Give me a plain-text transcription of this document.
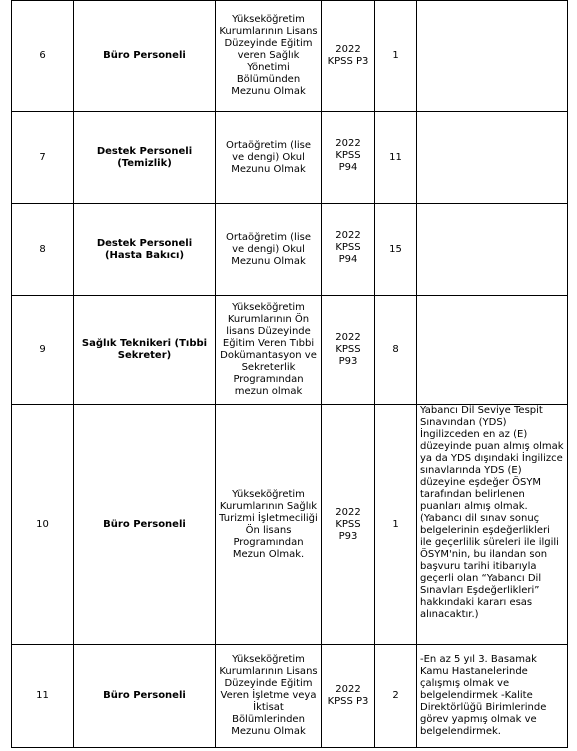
6	Büro Personeli	Yükseköğretim Kurumlarının Lisans Düzeyinde Eğitim veren Sağlık Yönetimi Bölümünden Mezunu Olmak	2022 KPSS P3	1	
7	Destek Personeli (Temizlik)	Ortaöğretim (lise ve dengi) Okul Mezunu Olmak	2022 KPSS P94	11	
8	Destek Personeli (Hasta Bakıcı)	Ortaöğretim (lise ve dengi) Okul Mezunu Olmak	2022 KPSS P94	15	
9	Sağlık Teknikeri (Tıbbi Sekreter)	Yükseköğretim Kurumlarının Ön lisans Düzeyinde Eğitim Veren Tıbbi Dokümantasyon ve Sekreterlik Programından mezun olmak	2022 KPSS P93	8	
10	Büro Personeli	Yükseköğretim Kurumlarının Sağlık Turizmi İşletmeciliği Ön lisans Programından Mezun Olmak.	2022 KPSS P93	1	Yabancı Dil Seviye Tespit Sınavından (YDS) İngilizceden en az (E) düzeyinde puan almış olmak ya da YDS dışındaki İngilizce sınavlarında YDS (E) düzeyine eşdeğer ÖSYM tarafından belirlenen puanları almış olmak. (Yabancı dil sınav sonuç belgelerinin eşdeğerlikleri ile geçerlilik süreleri ile ilgili ÖSYM'nin, bu ilandan son başvuru tarihi itibarıyla geçerli olan “Yabancı Dil Sınavları Eşdeğerlikleri” hakkındaki kararı esas alınacaktır.)
11	Büro Personeli	Yükseköğretim Kurumlarının Lisans Düzeyinde Eğitim Veren İşletme veya İktisat Bölümlerinden Mezunu Olmak	2022 KPSS P3	2	-En az 5 yıl 3. Basamak Kamu Hastanelerinde çalışmış olmak ve belgelendirmek -Kalite Direktörlüğü Birimlerinde görev yapmış olmak ve belgelendirmek.
